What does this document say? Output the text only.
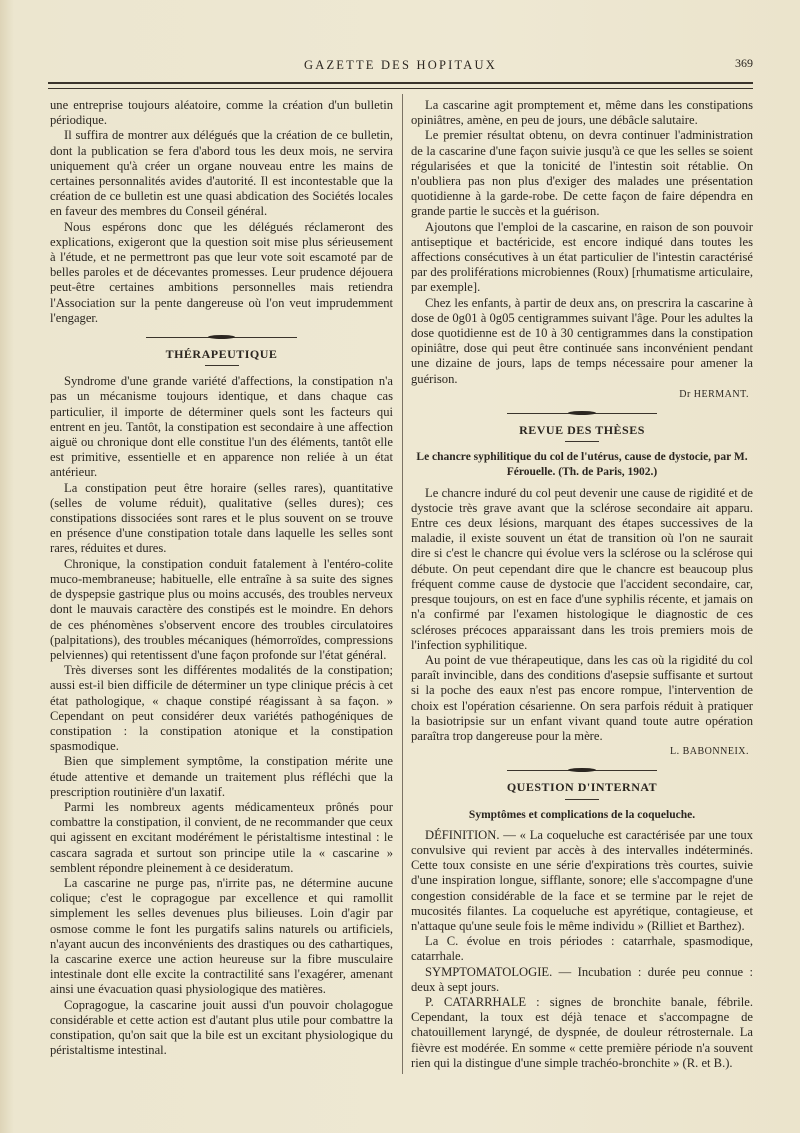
GAZETTE DES HOPITAUX	369

une entreprise toujours aléatoire, comme la création d'un bulletin périodique.

Il suffira de montrer aux délégués que la création de ce bulletin, dont la publication se fera d'abord tous les deux mois, ne servira uniquement qu'à créer un organe nouveau entre les mains de certaines personnalités avides d'autorité. Il est incontestable que la création de ce bulletin est une quasi abdication des Sociétés locales en faveur des membres du Conseil général.

Nous espérons donc que les délégués réclameront des explications, exigeront que la question soit mise plus sérieusement à l'étude, et ne permettront pas que leur vote soit escamoté par de belles paroles et de décevantes promesses. Leur prudence déjouera peut-être certaines ambitions personnelles mais retiendra l'Association sur la pente dangereuse où l'on veut imprudemment l'engager.

THÉRAPEUTIQUE

Syndrome d'une grande variété d'affections, la constipation n'a pas un mécanisme toujours identique, et dans chaque cas particulier, il importe de déterminer quels sont les facteurs qui entrent en jeu. Tantôt, la constipation est secondaire à une affection aiguë ou chronique dont elle constitue l'un des éléments, tantôt elle est primitive, essentielle et en apparence non reliée à un état antérieur.

La constipation peut être horaire (selles rares), quantitative (selles de volume réduit), qualitative (selles dures); ces constipations dissociées sont rares et le plus souvent on se trouve en présence d'une constipation totale dans laquelle les selles sont rares, réduites et dures.

Chronique, la constipation conduit fatalement à l'entéro-colite muco-membraneuse; habituelle, elle entraîne à sa suite des signes de dyspepsie gastrique plus ou moins accusés, des troubles nerveux dont le mauvais caractère des constipés est le moindre. En dehors de ces phénomènes s'observent encore des troubles circulatoires (palpitations), des troubles mécaniques (hémorroïdes, compressions pelviennes) qui retentissent d'une façon profonde sur l'état général.

Très diverses sont les différentes modalités de la constipation; aussi est-il bien difficile de déterminer un type clinique précis à cet état pathologique, « chaque constipé réagissant à sa façon. » Cependant on peut considérer deux variétés pathogéniques de constipation : la constipation atonique et la constipation spasmodique.

Bien que simplement symptôme, la constipation mérite une étude attentive et demande un traitement plus réfléchi que la prescription routinière d'un laxatif.

Parmi les nombreux agents médicamenteux prônés pour combattre la constipation, il convient, de ne recommander que ceux qui agissent en excitant modérément le péristaltisme intestinal : le cascara sagrada et surtout son principe utile la « cascarine » semblent répondre pleinement à ce desideratum.

La cascarine ne purge pas, n'irrite pas, ne détermine aucune colique; c'est le copragogue par excellence et qui ramollit simplement les selles devenues plus bilieuses. Loin d'agir par osmose comme le font les purgatifs salins naturels ou artificiels, n'ayant aucun des inconvénients des drastiques ou des cathartiques, la cascarine exerce une action heureuse sur la fibre musculaire intestinale dont elle excite la contractilité sans l'exagérer, amenant ainsi une évacuation quasi physiologique des matières.

Copragogue, la cascarine jouit aussi d'un pouvoir cholagogue considérable et cette action est d'autant plus utile pour combattre la constipation, qu'on sait que la bile est un excitant physiologique du péristaltisme intestinal.

La cascarine agit promptement et, même dans les constipations opiniâtres, amène, en peu de jours, une débâcle salutaire.

Le premier résultat obtenu, on devra continuer l'administration de la cascarine d'une façon suivie jusqu'à ce que les selles se soient régularisées et que la tonicité de l'intestin soit rétablie. On n'oubliera pas non plus d'exiger des malades une présentation quotidienne à la garde-robe. De cette façon de faire dépendra en grande partie le succès et la guérison.

Ajoutons que l'emploi de la cascarine, en raison de son pouvoir antiseptique et bactéricide, est encore indiqué dans toutes les affections consécutives à un état particulier de l'intestin caractérisé par des proliférations microbiennes (Roux) [rhumatisme articulaire, par exemple].

Chez les enfants, à partir de deux ans, on prescrira la cascarine à dose de 0g01 à 0g05 centigrammes suivant l'âge. Pour les adultes la dose quotidienne est de 10 à 30 centigrammes dans la constipation opiniâtre, dose qui peut être continuée sans inconvénient pendant une dizaine de jours, laps de temps nécessaire pour amener la guérison.

Dr HERMANT.
REVUE DES THÈSES
Le chancre syphilitique du col de l'utérus, cause de dystocie, par M. Férouelle. (Th. de Paris, 1902.)

Le chancre induré du col peut devenir une cause de rigidité et de dystocie très grave avant que la sclérose secondaire ait apparu. Entre ces deux lésions, marquant des étapes successives de la maladie, il existe souvent un état de transition où l'on ne saurait dire si c'est le chancre qui évolue vers la sclérose ou la sclérose qui débute. On peut cependant dire que le chancre est beaucoup plus fréquent comme cause de dystocie que l'accident secondaire, car, presque toujours, on est en face d'une syphilis récente, et jamais on n'a confirmé par l'examen histologique le diagnostic de ces scléroses précoces apparaissant dans les trois premiers mois de l'infection syphilitique.

Au point de vue thérapeutique, dans les cas où la rigidité du col paraît invincible, dans des conditions d'asepsie suffisante et surtout si la poche des eaux n'est pas encore rompue, l'intervention de choix est l'opération césarienne. On sera parfois réduit à pratiquer la basiotripsie sur un enfant vivant quand toute autre opération paraîtra trop dangereuse pour la mère.

L. BABONNEIX.
QUESTION D'INTERNAT
Symptômes et complications de la coqueluche.

DÉFINITION. — « La coqueluche est caractérisée par une toux convulsive qui revient par accès à des intervalles indéterminés. Cette toux consiste en une série d'expirations très courtes, suivie d'une inspiration longue, sifflante, sonore; elle s'accompagne d'une congestion considérable de la face et se termine par le rejet de mucosités filantes. La coqueluche est apyrétique, contagieuse, et n'attaque qu'une seule fois le même individu » (Rilliet et Barthez).

La C. évolue en trois périodes : catarrhale, spasmodique, catarrhale.

SYMPTOMATOLOGIE. — Incubation : durée peu connue : deux à sept jours.

P. CATARRHALE : signes de bronchite banale, fébrile. Cependant, la toux est déjà tenace et s'accompagne de chatouillement laryngé, de dyspnée, de douleur rétrosternale. La fièvre est modérée. En somme « cette première période n'a souvent rien qui la distingue d'une simple trachéo-bronchite » (R. et B.).
